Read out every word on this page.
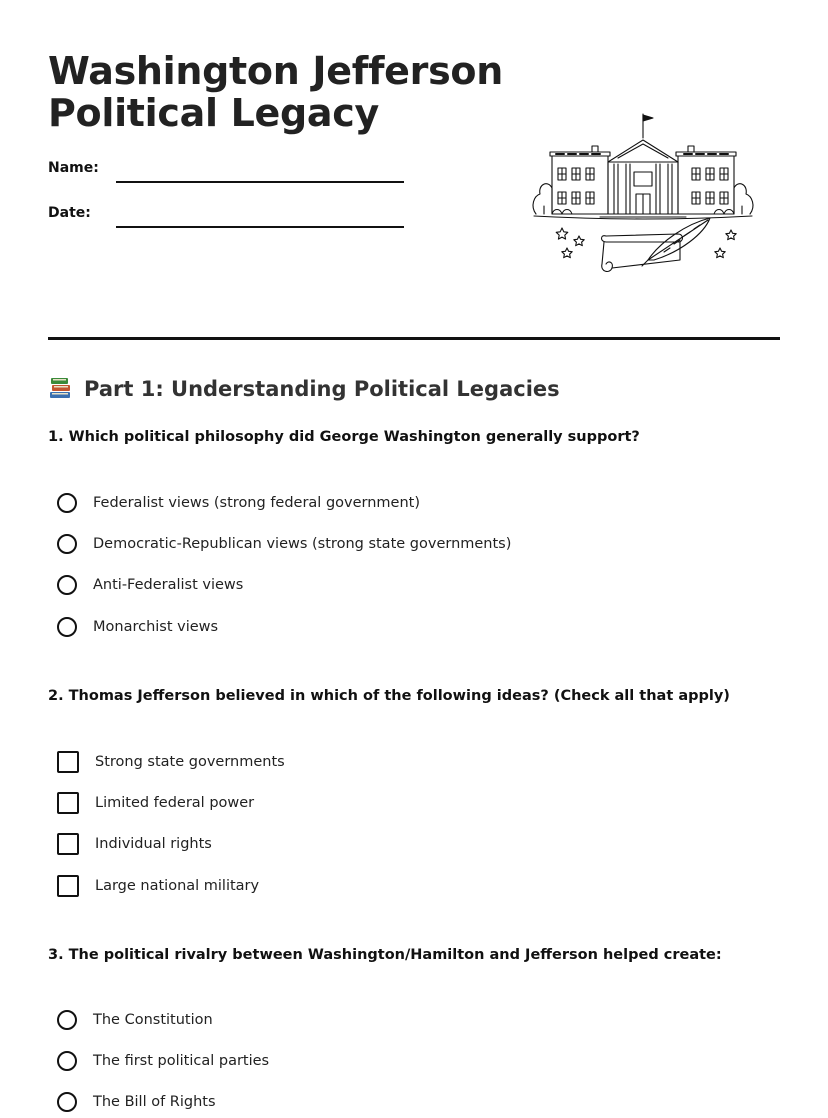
Washington Jefferson
Political Legacy
Name:
Date:
Part 1: Understanding Political Legacies
1. Which political philosophy did George Washington generally support?
Federalist views (strong federal government)
Democratic-Republican views (strong state governments)
Anti-Federalist views
Monarchist views
2. Thomas Jefferson believed in which of the following ideas? (Check all that apply)
Strong state governments
Limited federal power
Individual rights
Large national military
3. The political rivalry between Washington/Hamilton and Jefferson helped create:
The Constitution
The first political parties
The Bill of Rights
